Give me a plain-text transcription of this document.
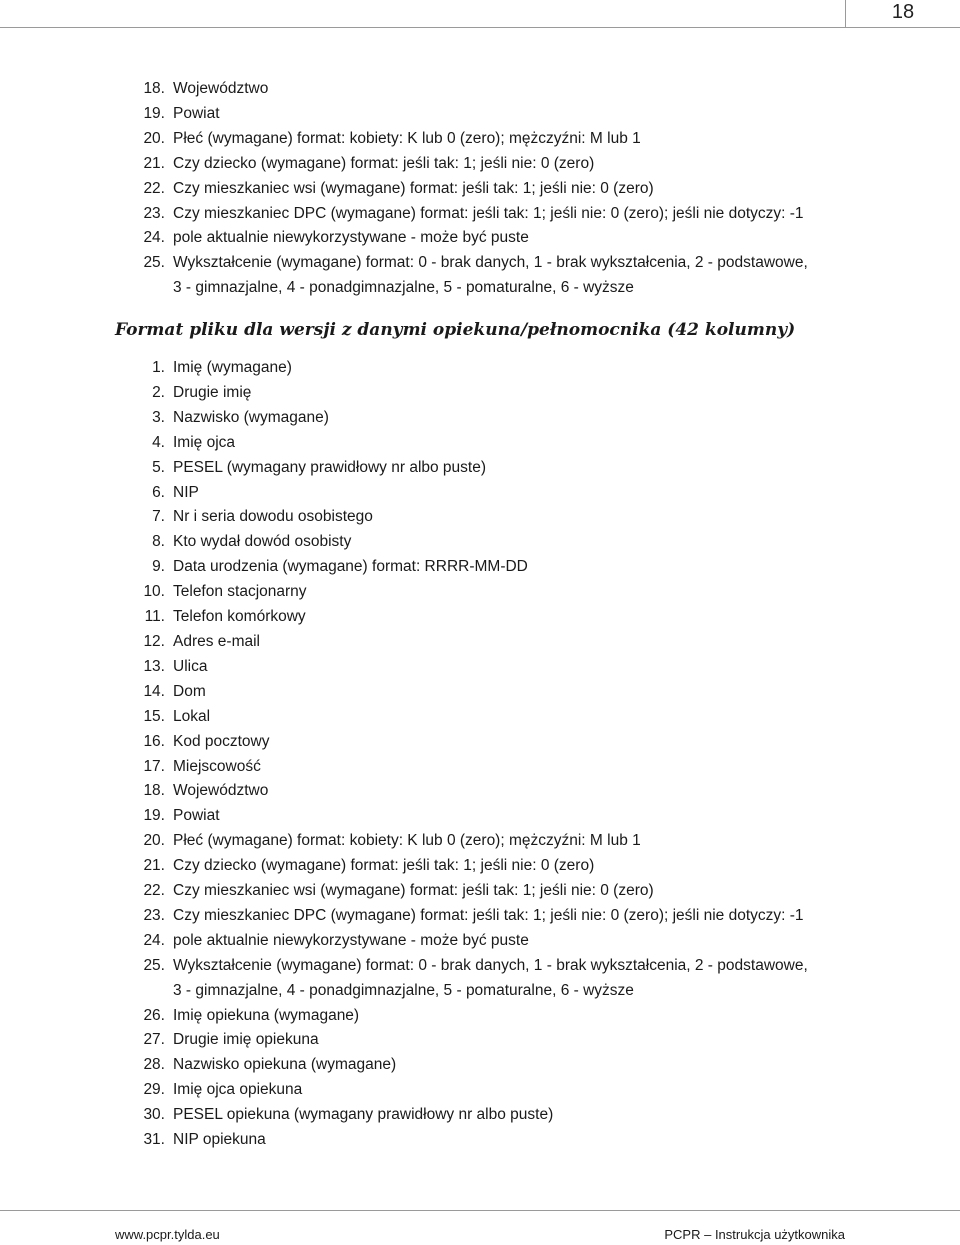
18
18. Województwo
19. Powiat
20. Płeć (wymagane) format: kobiety: K lub 0 (zero); mężczyźni: M lub 1
21. Czy dziecko (wymagane) format: jeśli tak: 1; jeśli nie: 0 (zero)
22. Czy mieszkaniec wsi (wymagane) format: jeśli tak: 1; jeśli nie: 0 (zero)
23. Czy mieszkaniec DPC (wymagane) format: jeśli tak: 1; jeśli nie: 0 (zero); jeśli nie dotyczy: -1
24. pole aktualnie niewykorzystywane - może być puste
25. Wykształcenie (wymagane) format: 0 - brak danych, 1 - brak wykształcenia, 2 - podstawowe,
3 - gimnazjalne, 4 - ponadgimnazjalne, 5 - pomaturalne, 6 - wyższe
Format pliku dla wersji z danymi opiekuna/pełnomocnika (42 kolumny)
1. Imię (wymagane)
2. Drugie imię
3. Nazwisko (wymagane)
4. Imię ojca
5. PESEL (wymagany prawidłowy nr albo puste)
6. NIP
7. Nr i seria dowodu osobistego
8. Kto wydał dowód osobisty
9. Data urodzenia (wymagane) format: RRRR-MM-DD
10. Telefon stacjonarny
11. Telefon komórkowy
12. Adres e-mail
13. Ulica
14. Dom
15. Lokal
16. Kod pocztowy
17. Miejscowość
18. Województwo
19. Powiat
20. Płeć (wymagane) format: kobiety: K lub 0 (zero); mężczyźni: M lub 1
21. Czy dziecko (wymagane) format: jeśli tak: 1; jeśli nie: 0 (zero)
22. Czy mieszkaniec wsi (wymagane) format: jeśli tak: 1; jeśli nie: 0 (zero)
23. Czy mieszkaniec DPC (wymagane) format: jeśli tak: 1; jeśli nie: 0 (zero); jeśli nie dotyczy: -1
24. pole aktualnie niewykorzystywane - może być puste
25. Wykształcenie (wymagane) format: 0 - brak danych, 1 - brak wykształcenia, 2 - podstawowe,
3 - gimnazjalne, 4 - ponadgimnazjalne, 5 - pomaturalne, 6 - wyższe
26. Imię opiekuna (wymagane)
27. Drugie imię opiekuna
28. Nazwisko opiekuna (wymagane)
29. Imię ojca opiekuna
30. PESEL opiekuna (wymagany prawidłowy nr albo puste)
31. NIP opiekuna
www.pcpr.tylda.eu	PCPR – Instrukcja użytkownika
